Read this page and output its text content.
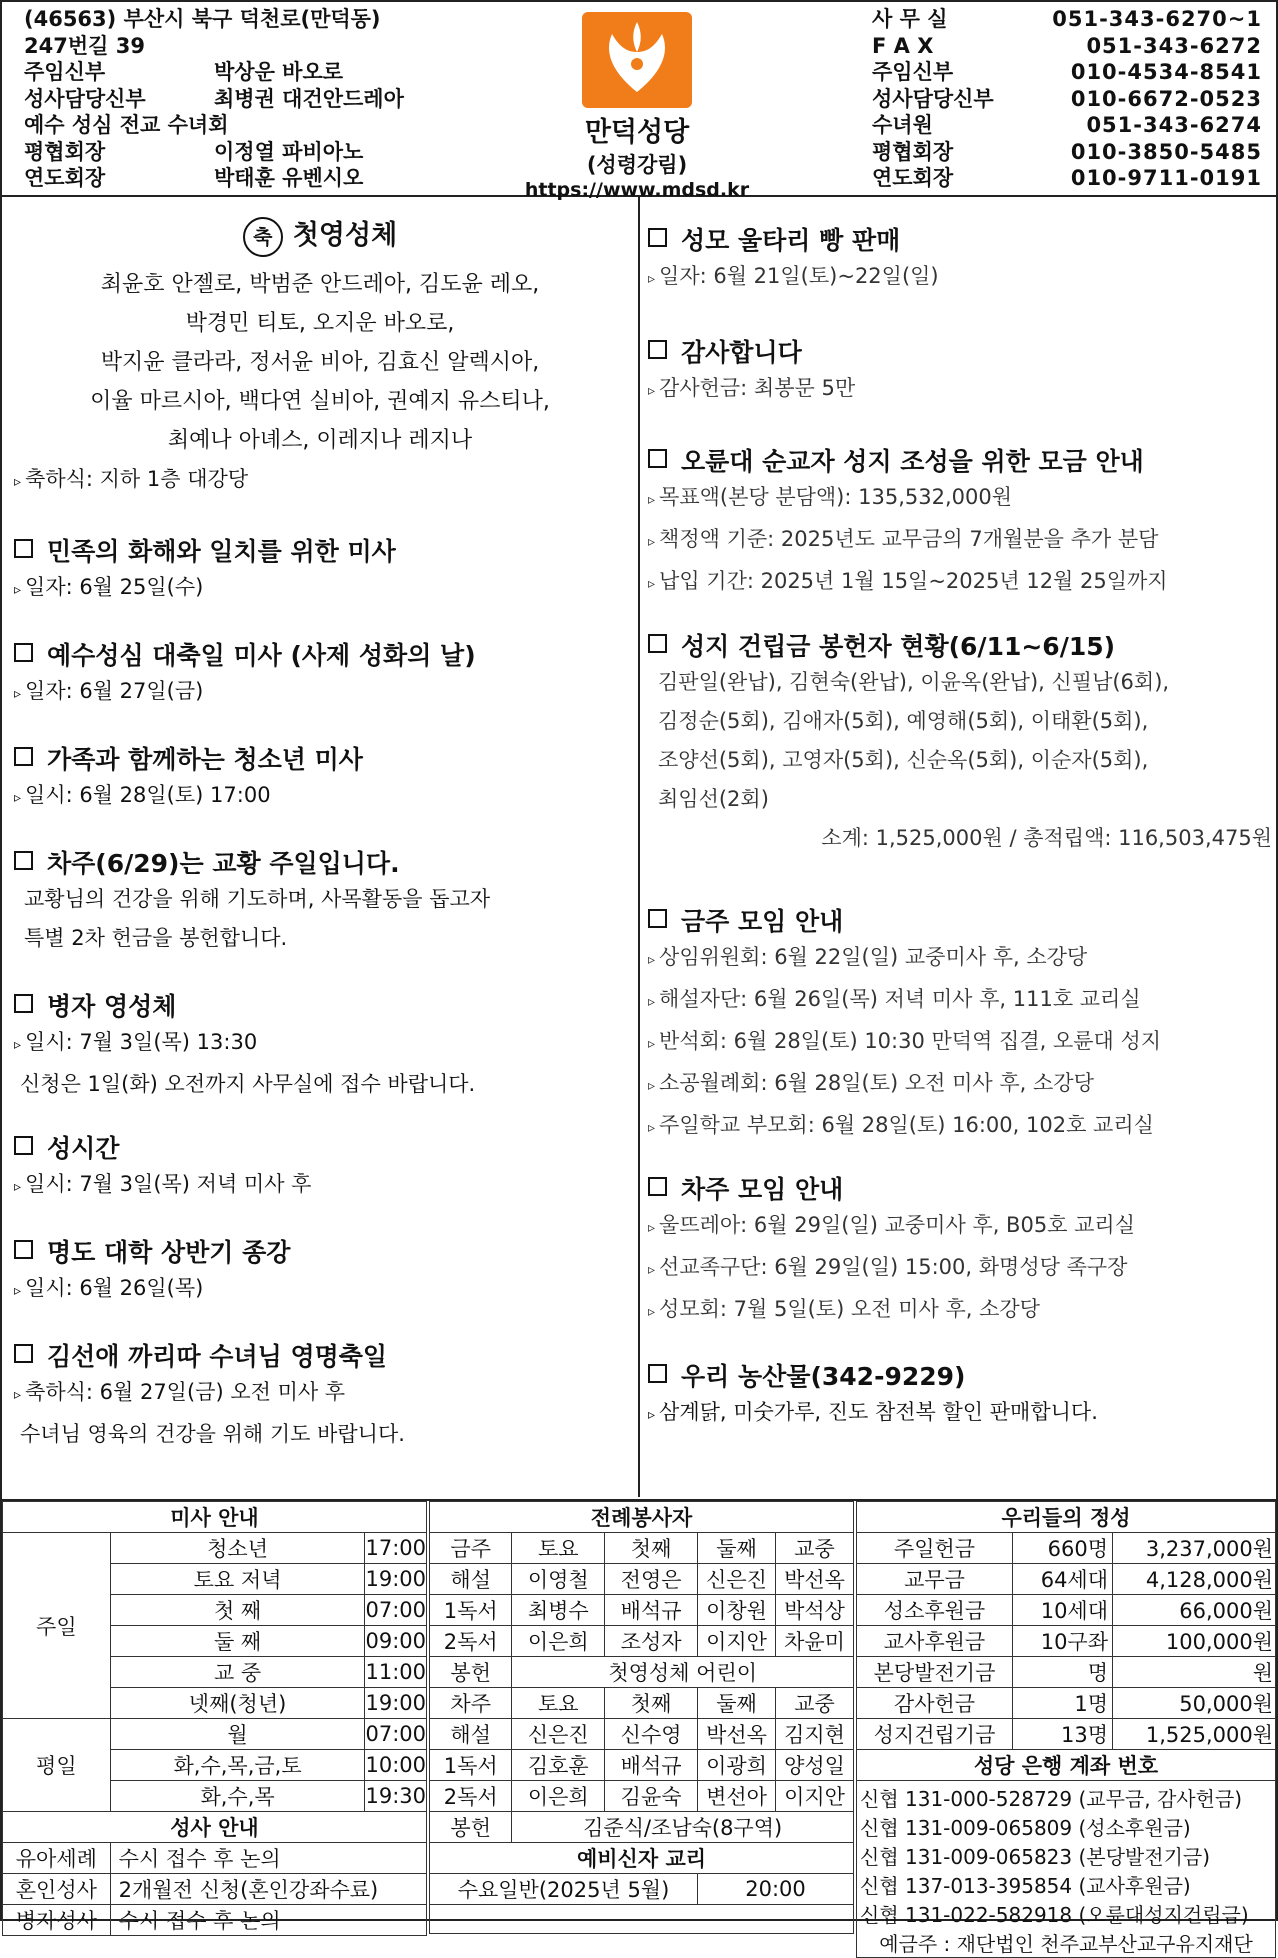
(46563) 부산시 북구 덕천로(만덕동)
247번길 39
주임신부	박상운 바오로
성사담당신부	최병권 대건안드레아
예수 성심 전교 수녀회
평협회장	이정열 파비아노
연도회장	박태훈 유벤시오
만덕성당
(성령강림)
https://www.mdsd.kr
사 무 실	051-343-6270~1
F A X	051-343-6272
주임신부	010-4534-8541
성사담당신부	010-6672-0523
수녀원	051-343-6274
평협회장	010-3850-5485
연도회장	010-9711-0191
축 첫영성체
최윤호 안젤로, 박범준 안드레아, 김도윤 레오,
박경민 티토, 오지운 바오로,
박지윤 클라라, 정서윤 비아, 김효신 알렉시아,
이율 마르시아, 백다연 실비아, 권예지 유스티나,
최예나 아녜스, 이레지나 레지나
▹ 축하식: 지하 1층 대강당
민족의 화해와 일치를 위한 미사
▹ 일자: 6월 25일(수)
예수성심 대축일 미사 (사제 성화의 날)
▹ 일자: 6월 27일(금)
가족과 함께하는 청소년 미사
▹ 일시: 6월 28일(토) 17:00
차주(6/29)는 교황 주일입니다.
교황님의 건강을 위해 기도하며, 사목활동을 돕고자
특별 2차 헌금을 봉헌합니다.
병자 영성체
▹ 일시: 7월 3일(목) 13:30
신청은 1일(화) 오전까지 사무실에 접수 바랍니다.
성시간
▹ 일시: 7월 3일(목) 저녁 미사 후
명도 대학 상반기 종강
▹ 일시: 6월 26일(목)
김선애 까리따 수녀님 영명축일
▹ 축하식: 6월 27일(금) 오전 미사 후
수녀님 영육의 건강을 위해 기도 바랍니다.
성모 울타리 빵 판매
▹ 일자: 6월 21일(토)~22일(일)
감사합니다
▹ 감사헌금: 최봉문 5만
오륜대 순교자 성지 조성을 위한 모금 안내
▹ 목표액(본당 분담액): 135,532,000원
▹ 책정액 기준: 2025년도 교무금의 7개월분을 추가 분담
▹ 납입 기간: 2025년 1월 15일~2025년 12월 25일까지
성지 건립금 봉헌자 현황(6/11~6/15)
김판일(완납), 김현숙(완납), 이윤옥(완납), 신필남(6회),
김정순(5회), 김애자(5회), 예영해(5회), 이태환(5회),
조양선(5회), 고영자(5회), 신순옥(5회), 이순자(5회),
최임선(2회)
소계: 1,525,000원 / 총적립액: 116,503,475원
금주 모임 안내
▹ 상임위원회: 6월 22일(일) 교중미사 후, 소강당
▹ 해설자단: 6월 26일(목) 저녁 미사 후, 111호 교리실
▹ 반석회: 6월 28일(토) 10:30 만덕역 집결, 오륜대 성지
▹ 소공월례회: 6월 28일(토) 오전 미사 후, 소강당
▹ 주일학교 부모회: 6월 28일(토) 16:00, 102호 교리실
차주 모임 안내
▹ 울뜨레아: 6월 29일(일) 교중미사 후, B05호 교리실
▹ 선교족구단: 6월 29일(일) 15:00, 화명성당 족구장
▹ 성모회: 7월 5일(토) 오전 미사 후, 소강당
우리 농산물(342-9229)
▹ 삼계닭, 미숫가루, 진도 참전복 할인 판매합니다.
미사 안내		
주일	청소년	17:00
	토요 저녁	19:00
	첫 째	07:00
	둘 째	09:00
	교 중	11:00
	넷째(청년)	19:00
평일	월	07:00
	화,수,목,금,토	10:00
	화,수,목	19:30
성사 안내		
유아세례	수시 접수 후 논의	
혼인성사	2개월전 신청(혼인강좌수료)	
병자성사	수시 접수 후 논의	
전례봉사자				
금주	토요	첫째	둘째	교중
해설	이영철	전영은	신은진	박선옥
1독서	최병수	배석규	이창원	박석상
2독서	이은희	조성자	이지안	차윤미
봉헌	첫영성체 어린이			
차주	토요	첫째	둘째	교중
해설	신은진	신수영	박선옥	김지현
1독서	김호훈	배석규	이광희	양성일
2독서	이은희	김윤숙	변선아	이지안
봉헌	김준식/조남숙(8구역)			
예비신자 교리				
수요일반(2025년 5월)			20:00	

우리들의 정성
주일헌금	660명	3,237,000원
교무금	64세대	4,128,000원
성소후원금	10세대	66,000원
교사후원금	10구좌	100,000원
본당발전기금	명	원
감사헌금	1명	50,000원
성지건립기금	13명	1,525,000원
성당 은행 계좌 번호

신협 131-000-528729 (교무금, 감사헌금)
신협 131-009-065809 (성소후원금)
신협 131-009-065823 (본당발전기금)
신협 137-013-395854 (교사후원금)
신협 131-022-582918 (오륜대성지건립금)
예금주 : 재단법인 천주교부산교구유지재단
